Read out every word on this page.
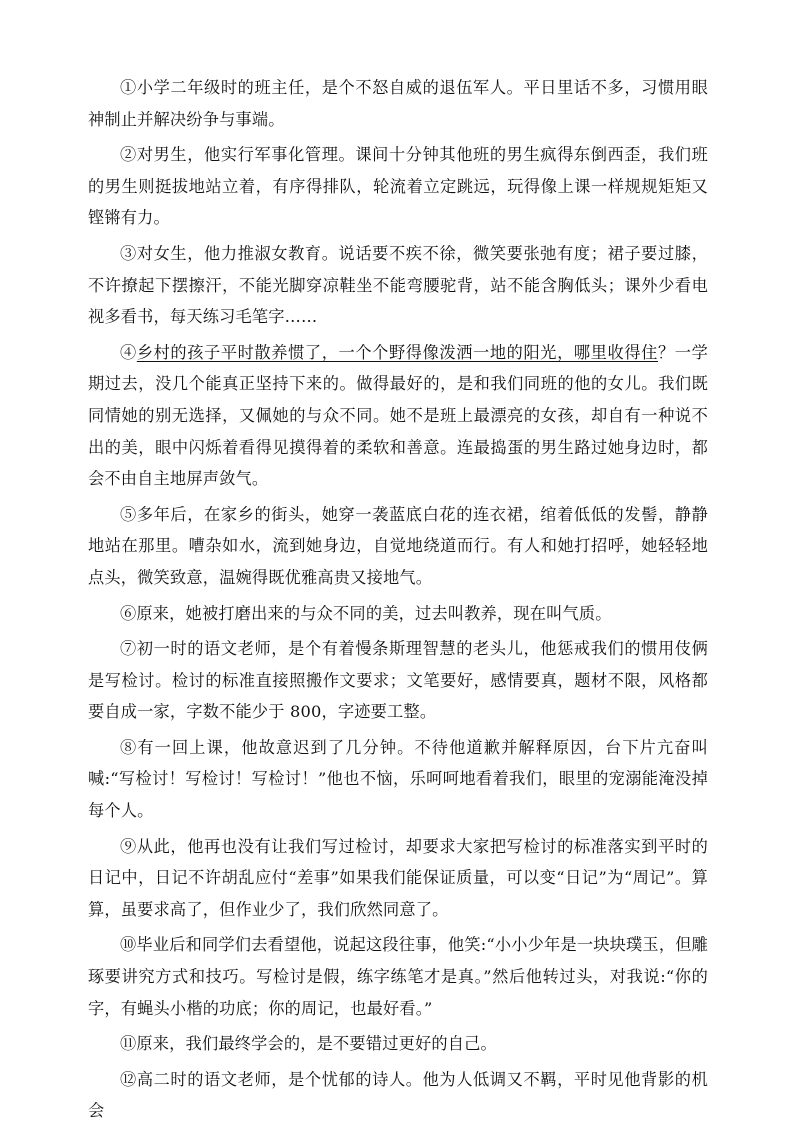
①小学二年级时的班主任，是个不怒自威的退伍军人。平日里话不多，习惯用眼神制止并解决纷争与事端。

②对男生，他实行军事化管理。课间十分钟其他班的男生疯得东倒西歪，我们班的男生则挺拔地站立着，有序得排队，轮流着立定跳远，玩得像上课一样规规矩矩又铿锵有力。

③对女生，他力推淑女教育。说话要不疾不徐，微笑要张弛有度；裙子要过膝，不许撩起下摆擦汗，不能光脚穿凉鞋坐不能弯腰驼背，站不能含胸低头；课外少看电视多看书，每天练习毛笔字……

④乡村的孩子平时散养惯了，一个个野得像泼洒一地的阳光，哪里收得住？一学期过去，没几个能真正坚持下来的。做得最好的，是和我们同班的他的女儿。我们既同情她的别无选择，又佩她的与众不同。她不是班上最漂亮的女孩，却自有一种说不出的美，眼中闪烁着看得见摸得着的柔软和善意。连最捣蛋的男生路过她身边时，都会不由自主地屏声敛气。

⑤多年后，在家乡的街头，她穿一袭蓝底白花的连衣裙，绾着低低的发髻，静静地站在那里。嘈杂如水，流到她身边，自觉地绕道而行。有人和她打招呼，她轻轻地点头，微笑致意，温婉得既优雅高贵又接地气。

⑥原来，她被打磨出来的与众不同的美，过去叫教养，现在叫气质。

⑦初一时的语文老师，是个有着慢条斯理智慧的老头儿，他惩戒我们的惯用伎俩是写检讨。检讨的标准直接照搬作文要求；文笔要好，感情要真，题材不限，风格都要自成一家，字数不能少于 800，字迹要工整。

⑧有一回上课，他故意迟到了几分钟。不待他道歉并解释原因，台下片亢奋叫喊:“写检讨！写检讨！写检讨！”他也不恼，乐呵呵地看着我们，眼里的宠溺能淹没掉每个人。

⑨从此，他再也没有让我们写过检讨，却要求大家把写检讨的标准落实到平时的日记中，日记不许胡乱应付“差事”如果我们能保证质量，可以变“日记”为“周记”。算算，虽要求高了，但作业少了，我们欣然同意了。

⑩毕业后和同学们去看望他，说起这段往事，他笑:“小小少年是一块块璞玉，但雕琢要讲究方式和技巧。写检讨是假，练字练笔才是真。”然后他转过头，对我说:“你的字，有蝇头小楷的功底；你的周记，也最好看。”

⑪原来，我们最终学会的，是不要错过更好的自己。

⑫高二时的语文老师，是个忧郁的诗人。他为人低调又不羁，平时见他背影的机会
